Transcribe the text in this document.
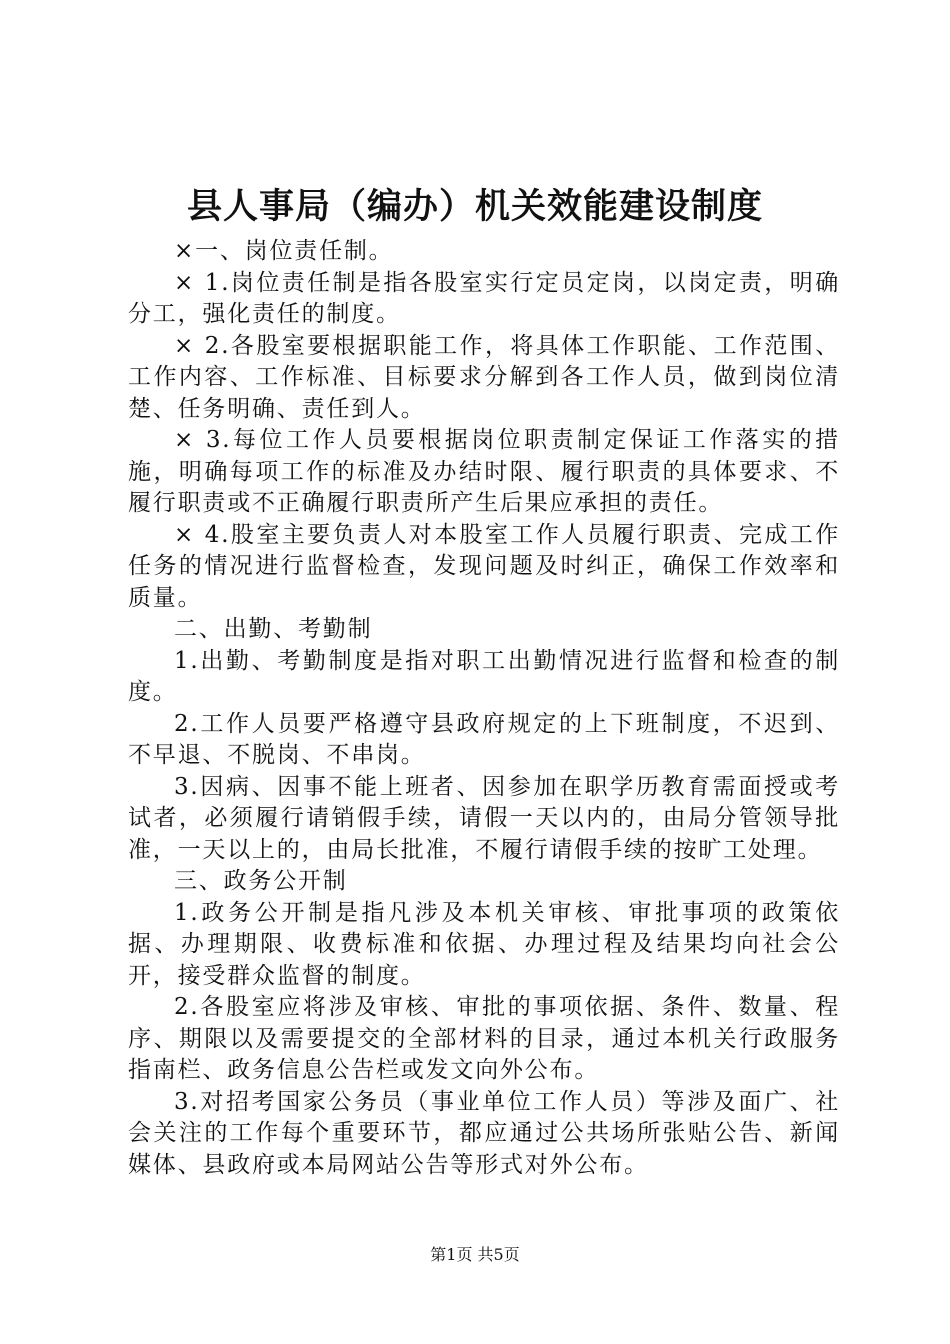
县人事局（编办）机关效能建设制度

×一、岗位责任制。

× 1.岗位责任制是指各股室实行定员定岗，以岗定责，明确分工，强化责任的制度。

× 2.各股室要根据职能工作，将具体工作职能、工作范围、工作内容、工作标准、目标要求分解到各工作人员，做到岗位清楚、任务明确、责任到人。

× 3.每位工作人员要根据岗位职责制定保证工作落实的措施，明确每项工作的标准及办结时限、履行职责的具体要求、不履行职责或不正确履行职责所产生后果应承担的责任。

× 4.股室主要负责人对本股室工作人员履行职责、完成工作任务的情况进行监督检查，发现问题及时纠正，确保工作效率和质量。

二、出勤、考勤制

1.出勤、考勤制度是指对职工出勤情况进行监督和检查的制度。

2.工作人员要严格遵守县政府规定的上下班制度，不迟到、不早退、不脱岗、不串岗。

3.因病、因事不能上班者、因参加在职学历教育需面授或考试者，必须履行请销假手续，请假一天以内的，由局分管领导批准，一天以上的，由局长批准，不履行请假手续的按旷工处理。

三、政务公开制

1.政务公开制是指凡涉及本机关审核、审批事项的政策依据、办理期限、收费标准和依据、办理过程及结果均向社会公开，接受群众监督的制度。

2.各股室应将涉及审核、审批的事项依据、条件、数量、程序、期限以及需要提交的全部材料的目录，通过本机关行政服务指南栏、政务信息公告栏或发文向外公布。

3.对招考国家公务员（事业单位工作人员）等涉及面广、社会关注的工作每个重要环节，都应通过公共场所张贴公告、新闻媒体、县政府或本局网站公告等形式对外公布。

第1页 共5页
